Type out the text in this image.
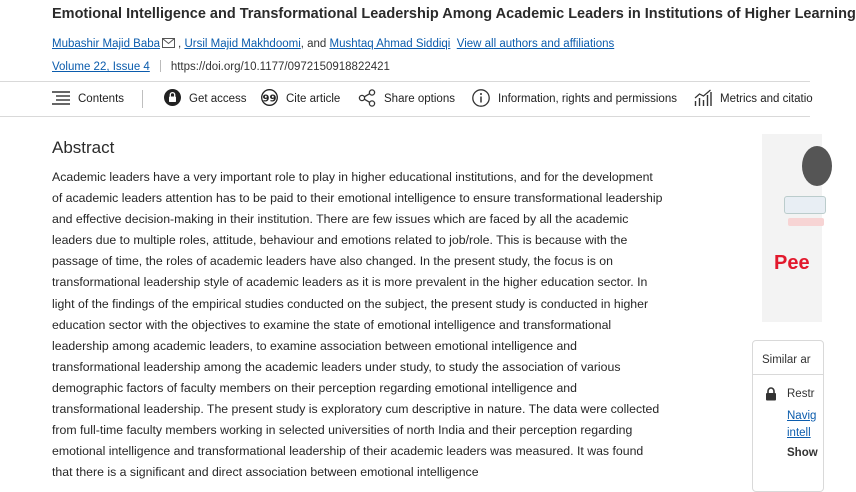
Emotional Intelligence and Transformational Leadership Among Academic Leaders in Institutions of Higher Learning
Mubashir Majid Baba , Ursil Majid Makhdoomi, and Mushtaq Ahmad Siddiqi View all authors and affiliations
Volume 22, Issue 4 https://doi.org/10.1177/0972150918822421
Contents	Get access 99 Cite article	Share options	Information, rights and permissions	Metrics and citatio
Abstract
Academic leaders have a very important role to play in higher educational institutions, and for the development of academic leaders attention has to be paid to their emotional intelligence to ensure transformational leadership and effective decision-making in their institution. There are few issues which are faced by all the academic leaders due to multiple roles, attitude, behaviour and emotions related to job/role. This is because with the passage of time, the roles of academic leaders have also changed. In the present study, the focus is on transformational leadership style of academic leaders as it is more prevalent in the higher education sector. In light of the findings of the empirical studies conducted on the subject, the present study is conducted in higher education sector with the objectives to examine the state of emotional intelligence and transformational leadership among academic leaders, to examine association between emotional intelligence and transformational leadership among the academic leaders under study, to study the association of various demographic factors of faculty members on their perception regarding emotional intelligence and transformational leadership. The present study is exploratory cum descriptive in nature. The data were collected from full-time faculty members working in selected universities of north India and their perception regarding emotional intelligence and transformational leadership of their academic leaders was measured. It was found that there is a significant and direct association between emotional intelligence
Pee
Similar ar
Restr
Navig
intell
Show
